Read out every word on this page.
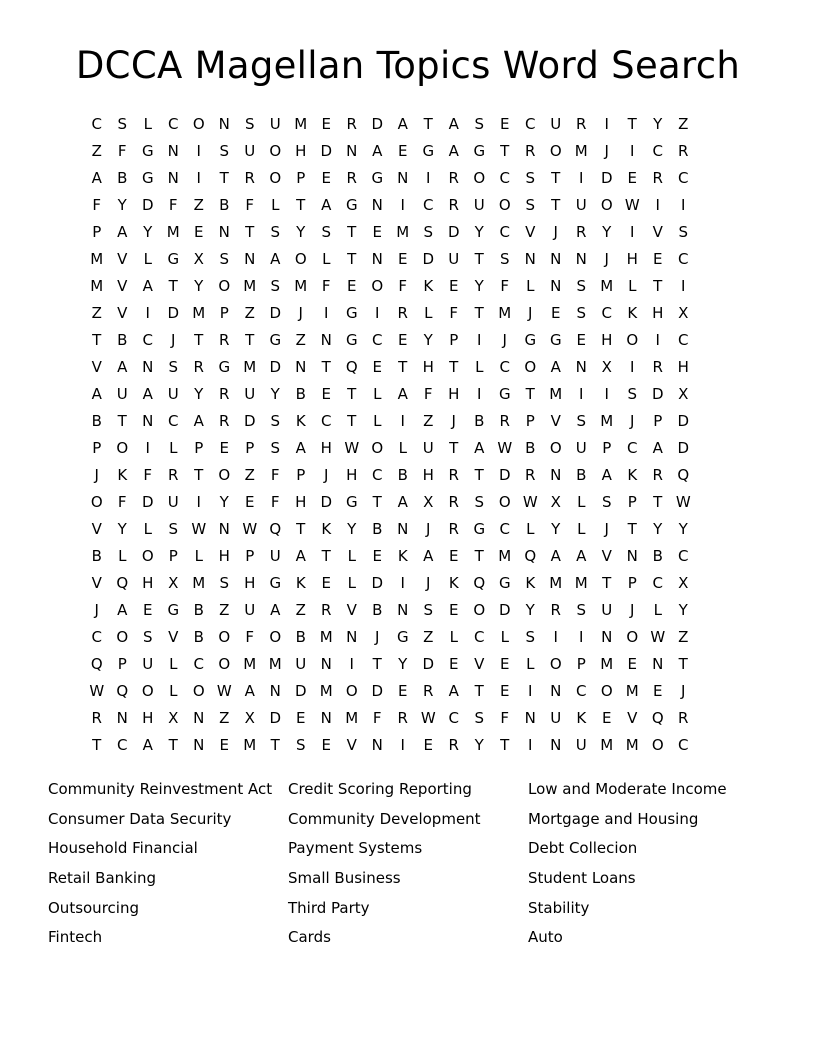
DCCA Magellan Topics Word Search
C	S	L	C O N	S	U M E	R D A	T	A	S	E	C U R	I	T	Y	Z
Z	F	G N	I	S	U O H D N A	E G A G	T	R O M	J	I	C	R
A	B G N	I	T	R O	P	E	R G N	I	R O C	S	T	I	D E	R	C
F	Y	D	F	Z	B	F	L	T	A G N	I	C	R U O S	T	U O W	I	I
P	A	Y M E	N	T	S	Y	S	T	E M S D	Y	C	V	J	R	Y	I	V	S
M V	L	G X	S	N A O	L	T	N	E D U	T	S	N N N	J	H	E	C
M V	A	T	Y	O M S M F	E O	F	K	E	Y	F	L	N	S M L	T	I
Z	V	I	D M P	Z D	J	I	G	I	R	L	F	T M	J	E	S	C	K H X
T	B	C	J	T	R	T	G Z N G C	E	Y	P	I	J	G G E	H O	I	C
V	A N	S	R G M D N	T	Q E	T	H	T	L	C O A N X	I	R H
A U A U	Y	R U	Y	B	E	T	L	A	F	H	I	G	T M	I	I	S D X
B	T	N C	A	R D S	K	C	T	L	I	Z	J	B	R	P	V	S M	J	P	D
P	O	I	L	P	E	P	S	A H W O	L	U	T	A W B O U	P	C	A D
J	K	F	R	T	O Z	F	P	J	H C	B H R	T	D R N B	A	K	R Q
O	F	D U	I	Y	E	F	H D G	T	A	X	R	S O W X	L	S	P	T W
V	Y	L	S W N W Q	T	K	Y	B N	J	R G C	L	Y	L	J	T	Y	Y
B	L	O	P	L	H	P	U A	T	L	E	K	A	E	T M Q A	A	V N B	C
V Q H X M S	H G K	E	L	D	I	J	K Q G K M M T	P	C	X
J	A	E G B	Z U A	Z	R	V	B N	S	E O D	Y	R	S	U	J	L	Y
C O S	V	B O	F	O B M N	J	G Z	L	C	L	S	I	I	N O W Z
Q	P	U	L	C O M M U N	I	T	Y	D E	V	E	L	O	P M E	N	T
W Q O	L	O W A N D M O D E	R	A	T	E	I	N C O M E	J
R N H X N Z	X D E	N M F	R W C	S	F	N U	K	E	V Q R
T	C	A	T	N	E M T	S	E	V N	I	E	R	Y	T	I	N U M M O C
Community Reinvestment Act
Consumer Data Security
Household Financial
Retail Banking
Outsourcing
Fintech
Credit Scoring Reporting
Community Development
Payment Systems
Small Business
Third Party
Cards
Low and Moderate Income
Mortgage and Housing
Debt Collecion
Student Loans
Stability
Auto
